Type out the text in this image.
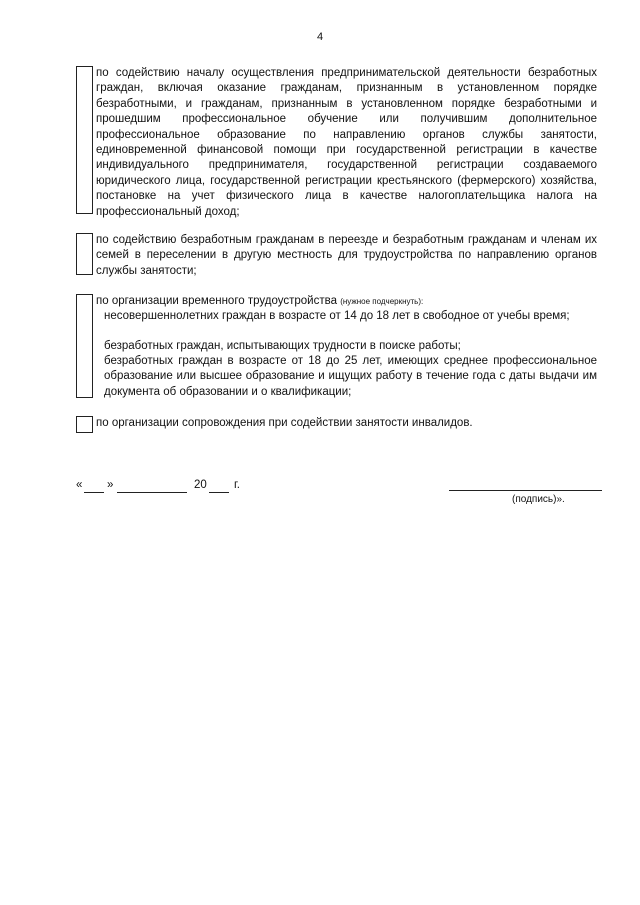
4
по содействию началу осуществления предпринимательской деятельности безработных граждан, включая оказание гражданам, признанным в установленном порядке безработными, и гражданам, признанным в установленном порядке безработными и прошедшим профессиональное обучение или получившим дополнительное профессиональное образование по направлению органов службы занятости, единовременной финансовой помощи при государственной регистрации в качестве индивидуального предпринимателя, государственной регистрации создаваемого юридического лица, государственной регистрации крестьянского (фермерского) хозяйства, постановке на учет физического лица в качестве налогоплательщика налога на профессиональный доход;
по содействию безработным гражданам в переезде и безработным гражданам и членам их семей в переселении в другую местность для трудоустройства по направлению органов службы занятости;
по организации временного трудоустройства (нужное подчеркнуть):
несовершеннолетних граждан в возрасте от 14 до 18 лет в свободное от учебы время;
безработных граждан, испытывающих трудности в поиске работы;
безработных граждан в возрасте от 18 до 25 лет, имеющих среднее профессиональное образование или высшее образование и ищущих работу в течение года с даты выдачи им документа об образовании и о квалификации;
по организации сопровождения при содействии занятости инвалидов.
« »	20 г.
(подпись)».
